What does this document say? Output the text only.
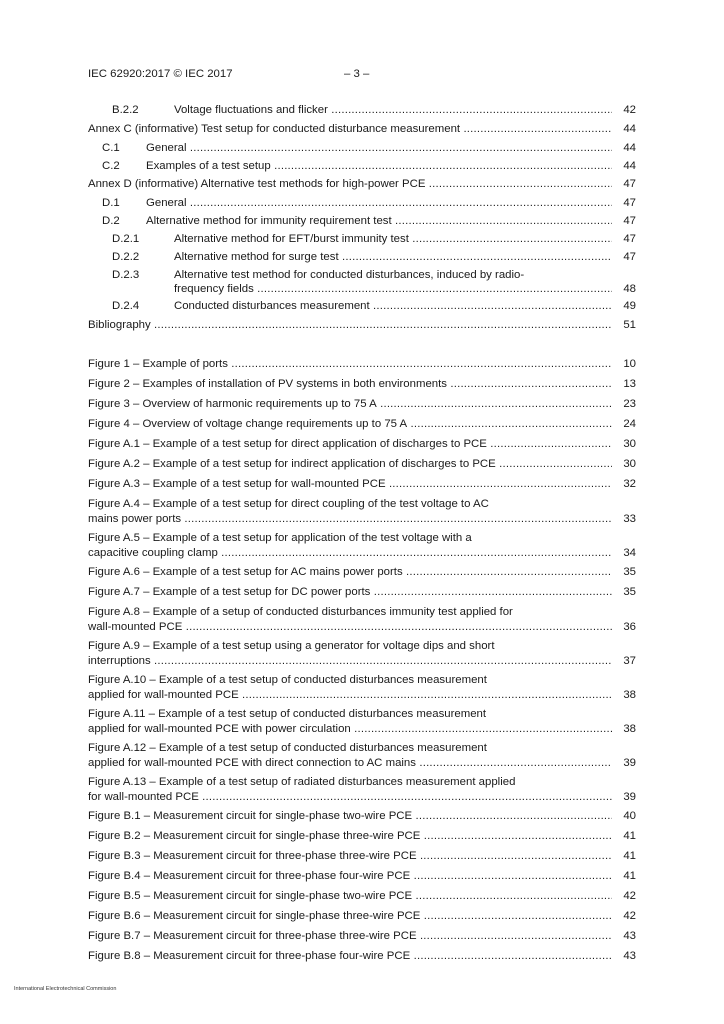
IEC 62920:2017 © IEC 2017	– 3 –
B.2.2	Voltage fluctuations and flicker .....	42
Annex C (informative) Test setup for conducted disturbance measurement .....	44
C.1 General .....	44
C.2 Examples of a test setup .....	44
Annex D (informative) Alternative test methods for high-power PCE .....	47
D.1 General .....	47
D.2 Alternative method for immunity requirement test .....	47
D.2.1	Alternative method for EFT/burst immunity test .....	47
D.2.2	Alternative method for surge test .....	47
D.2.3	Alternative test method for conducted disturbances, induced by radio-
frequency fields .....	48
D.2.4	Conducted disturbances measurement .....	49
Bibliography .....	51
Figure 1 – Example of ports .....	10
Figure 2 – Examples of installation of PV systems in both environments .....	13
Figure 3 – Overview of harmonic requirements up to 75 A .....	23
Figure 4 – Overview of voltage change requirements up to 75 A .....	24
Figure A.1 – Example of a test setup for direct application of discharges to PCE .....	30
Figure A.2 – Example of a test setup for indirect application of discharges to PCE .....	30
Figure A.3 – Example of a test setup for wall-mounted PCE .....	32
Figure A.4 – Example of a test setup for direct coupling of the test voltage to AC
mains power ports .....	33
Figure A.5 – Example of a test setup for application of the test voltage with a
capacitive coupling clamp .....	34
Figure A.6 – Example of a test setup for AC mains power ports .....	35
Figure A.7 – Example of a test setup for DC power ports .....	35
Figure A.8 – Example of a setup of conducted disturbances immunity test applied for
wall-mounted PCE .....	36
Figure A.9 – Example of a test setup using a generator for voltage dips and short
interruptions .....	37
Figure A.10 – Example of a test setup of conducted disturbances measurement
applied for wall-mounted PCE .....	38
Figure A.11 – Example of a test setup of conducted disturbances measurement
applied for wall-mounted PCE with power circulation .....	38
Figure A.12 – Example of a test setup of conducted disturbances measurement
applied for wall-mounted PCE with direct connection to AC mains .....	39
Figure A.13 – Example of a test setup of radiated disturbances measurement applied
for wall-mounted PCE .....	39
Figure B.1 – Measurement circuit for single-phase two-wire PCE .....	40
Figure B.2 – Measurement circuit for single-phase three-wire PCE .....	41
Figure B.3 – Measurement circuit for three-phase three-wire PCE .....	41
Figure B.4 – Measurement circuit for three-phase four-wire PCE .....	41
Figure B.5 – Measurement circuit for single-phase two-wire PCE .....	42
Figure B.6 – Measurement circuit for single-phase three-wire PCE .....	42
Figure B.7 – Measurement circuit for three-phase three-wire PCE .....	43
Figure B.8 – Measurement circuit for three-phase four-wire PCE .....	43
International Electrotechnical Commission
